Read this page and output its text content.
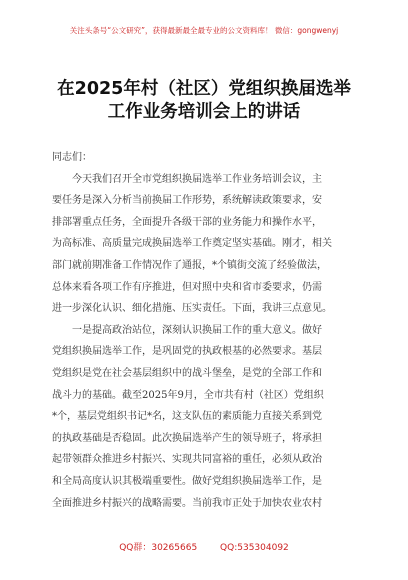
关注头条号“公文研究”，获得最新最全最专业的公文资料库！ 微信：gongwenyj
在2025年村（社区）党组织换届选举
工作业务培训会上的讲话
同志们：
　　今天我们召开全市党组织换届选举工作业务培训会议，主
要任务是深入分析当前换届工作形势，系统解读政策要求，安
排部署重点任务，全面提升各级干部的业务能力和操作水平，
为高标准、高质量完成换届选举工作奠定坚实基础。刚才，相关
部门就前期准备工作情况作了通报，*个镇街交流了经验做法，
总体来看各项工作有序推进，但对照中央和省市委要求，仍需
进一步深化认识、细化措施、压实责任。下面，我讲三点意见。
　　一是提高政治站位，深刻认识换届工作的重大意义。做好
党组织换届选举工作，是巩固党的执政根基的必然要求。基层
党组织是党在社会基层组织中的战斗堡垒，是党的全部工作和
战斗力的基础。截至2025年9月，全市共有村（社区）党组织
*个，基层党组织书记*名，这支队伍的素质能力直接关系到党
的执政基础是否稳固。此次换届选举产生的领导班子，将承担
起带领群众推进乡村振兴、实现共同富裕的重任，必须从政治
和全局高度认识其极端重要性。做好党组织换届选举工作，是
全面推进乡村振兴的战略需要。当前我市正处于加快农业农村
QQ群：30265665	QQ:535304092
